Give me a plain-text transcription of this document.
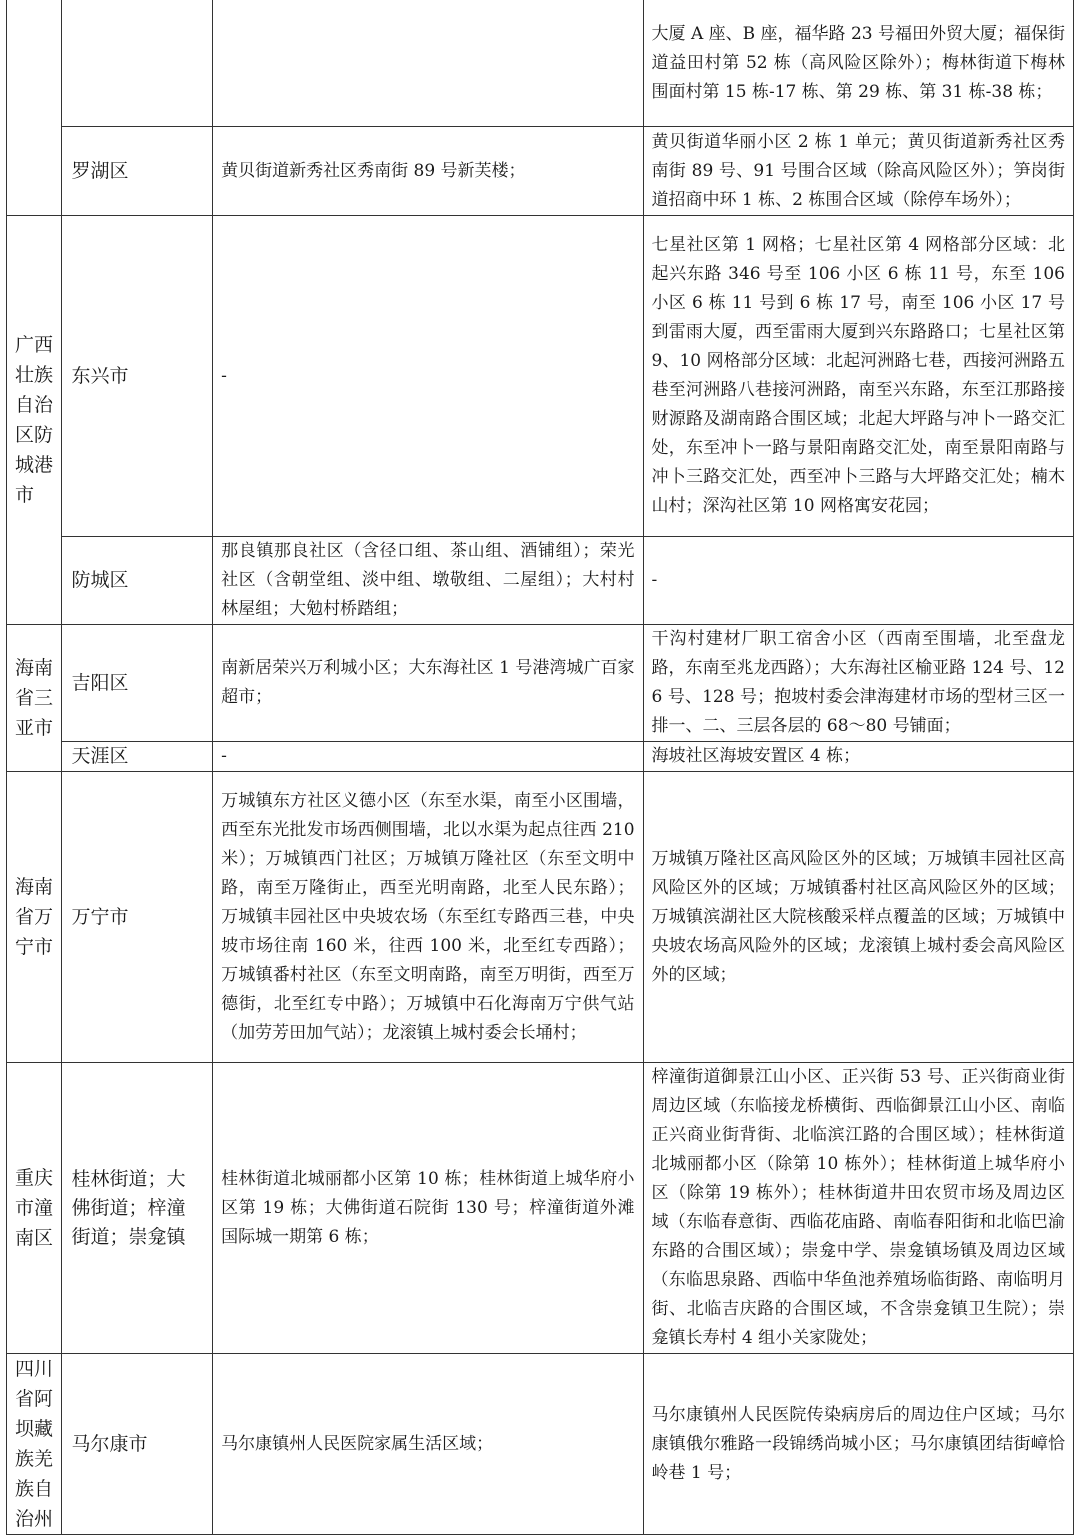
			大厦 A 座、B 座，福华路 23 号福田外贸大厦；福保街道益田村第 52 栋（高风险区除外）；梅林街道下梅林围面村第 15 栋-17 栋、第 29 栋、第 31 栋-38 栋；
	罗湖区	黄贝街道新秀社区秀南街 89 号新芙楼；	黄贝街道华丽小区 2 栋 1 单元；黄贝街道新秀社区秀南街 89 号、91 号围合区域（除高风险区外）；笋岗街道招商中环 1 栋、2 栋围合区域（除停车场外）；
广西壮族自治区防城港市	东兴市	-	七星社区第 1 网格；七星社区第 4 网格部分区域：北起兴东路 346 号至 106 小区 6 栋 11 号，东至 106 小区 6 栋 11 号到 6 栋 17 号，南至 106 小区 17 号到雷雨大厦，西至雷雨大厦到兴东路路口；七星社区第 9、10 网格部分区域：北起河洲路七巷，西接河洲路五巷至河洲路八巷接河洲路，南至兴东路，东至江那路接财源路及湖南路合围区域；北起大坪路与冲卜一路交汇处，东至冲卜一路与景阳南路交汇处，南至景阳南路与冲卜三路交汇处，西至冲卜三路与大坪路交汇处；楠木山村；深沟社区第 10 网格寓安花园；
	防城区	那良镇那良社区（含径口组、茶山组、酒铺组）；荣光社区（含朝堂组、淡中组、墩敬组、二屋组）；大村村林屋组；大勉村桥踏组；	-
海南省三亚市	吉阳区	南新居荣兴万利城小区；大东海社区 1 号港湾城广百家超市；	干沟村建材厂职工宿舍小区（西南至围墙，北至盘龙路，东南至兆龙西路）；大东海社区榆亚路 124 号、126 号、128 号；抱坡村委会津海建材市场的型材三区一排一、二、三层各层的 68～80 号铺面；
	天涯区	-	海坡社区海坡安置区 4 栋；
海南省万宁市	万宁市	万城镇东方社区义德小区（东至水渠，南至小区围墙，西至东光批发市场西侧围墙，北以水渠为起点往西 210 米）；万城镇西门社区；万城镇万隆社区（东至文明中路，南至万隆街止，西至光明南路，北至人民东路）；万城镇丰园社区中央坡农场（东至红专路西三巷，中央坡市场往南 160 米，往西 100 米，北至红专西路）；万城镇番村社区（东至文明南路，南至万明街，西至万德街，北至红专中路）；万城镇中石化海南万宁供气站（加劳芳田加气站）；龙滚镇上城村委会长埇村；	万城镇万隆社区高风险区外的区域；万城镇丰园社区高风险区外的区域；万城镇番村社区高风险区外的区域；万城镇滨湖社区大院核酸采样点覆盖的区域；万城镇中央坡农场高风险外的区域；龙滚镇上城村委会高风险区外的区域；
重庆市潼南区	桂林街道；大佛街道；梓潼街道；崇龛镇	桂林街道北城丽都小区第 10 栋；桂林街道上城华府小区第 19 栋；大佛街道石院街 130 号；梓潼街道外滩国际城一期第 6 栋；	梓潼街道御景江山小区、正兴街 53 号、正兴街商业街周边区域（东临接龙桥横街、西临御景江山小区、南临正兴商业街背街、北临滨江路的合围区域）；桂林街道北城丽都小区（除第 10 栋外）；桂林街道上城华府小区（除第 19 栋外）；桂林街道井田农贸市场及周边区域（东临春意街、西临花庙路、南临春阳街和北临巴渝东路的合围区域）；崇龛中学、崇龛镇场镇及周边区域（东临思泉路、西临中华鱼池养殖场临街路、南临明月街、北临吉庆路的合围区域，不含崇龛镇卫生院）；崇龛镇长寿村 4 组小关家陇处；
四川省阿坝藏族羌族自治州	马尔康市	马尔康镇州人民医院家属生活区域；	马尔康镇州人民医院传染病房后的周边住户区域；马尔康镇俄尔雅路一段锦绣尚城小区；马尔康镇团结街嶂恰岭巷 1 号；
